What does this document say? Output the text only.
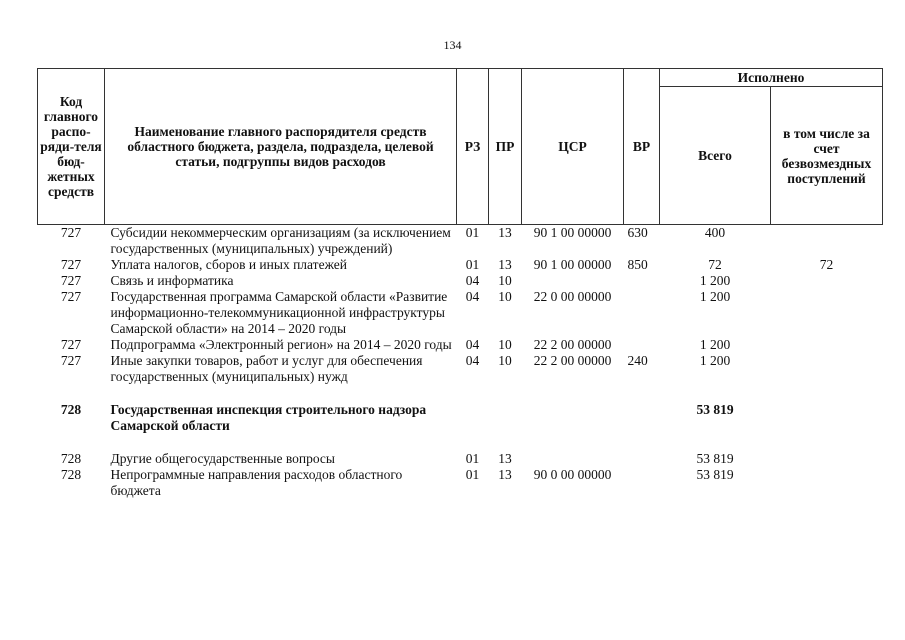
134
Код главного распо-ряди-теля бюд-жетных средств	Наименование главного распорядителя средств областного бюджета, раздела, подраздела, целевой статьи, подгруппы видов расходов	РЗ	ПР	ЦСР	ВР	Исполнено	
						Всего	в том числе за счет безвозмездных поступлений
727	Субсидии некоммерческим организациям (за исключением государственных (муниципальных) учреждений)	01	13	90 1 00 00000	630	400	
727	Уплата налогов, сборов и иных платежей	01	13	90 1 00 00000	850	72	72
727	Связь и информатика	04	10			1 200	
727	Государственная программа Самарской области «Развитие информационно-телекоммуникационной инфраструктуры Самарской области» на 2014 – 2020 годы	04	10	22 0 00 00000		1 200	
727	Подпрограмма «Электронный регион» на 2014 – 2020 годы	04	10	22 2 00 00000		1 200	
727	Иные закупки товаров, работ и услуг для обеспечения государственных (муниципальных) нужд	04	10	22 2 00 00000	240	1 200	
728	Государственная инспекция строительного надзора Самарской области					53 819	
728	Другие общегосударственные вопросы	01	13			53 819	
728	Непрограммные направления расходов областного бюджета	01	13	90 0 00 00000		53 819	
